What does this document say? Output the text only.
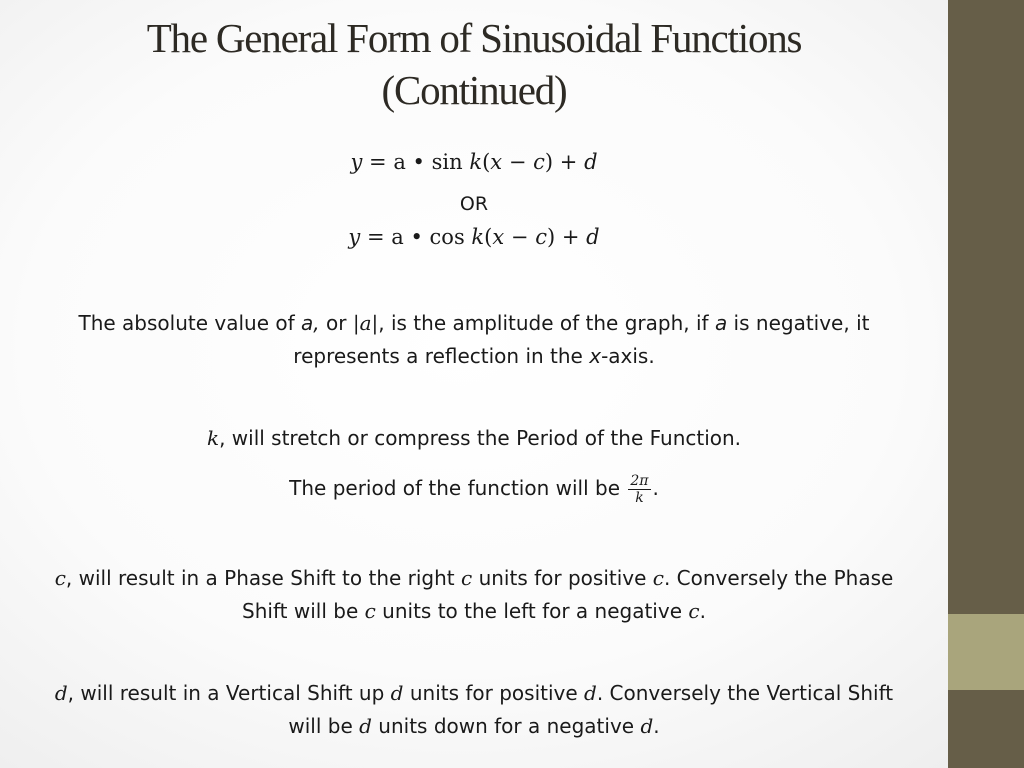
The General Form of Sinusoidal Functions
(Continued)
y = a • sin k(x − c) + d
OR
y = a • cos k(x − c) + d

The absolute value of a, or |a|, is the amplitude of the graph, if a is negative, it represents a reflection in the x-axis.

k, will stretch or compress the Period of the Function.

The period of the function will be $\frac{2\pi}{k}$ .

c, will result in a Phase Shift to the right c units for positive c. Conversely the Phase Shift will be c units to the left for a negative c.

d, will result in a Vertical Shift up d units for positive d. Conversely the Vertical Shift will be d units down for a negative d.
